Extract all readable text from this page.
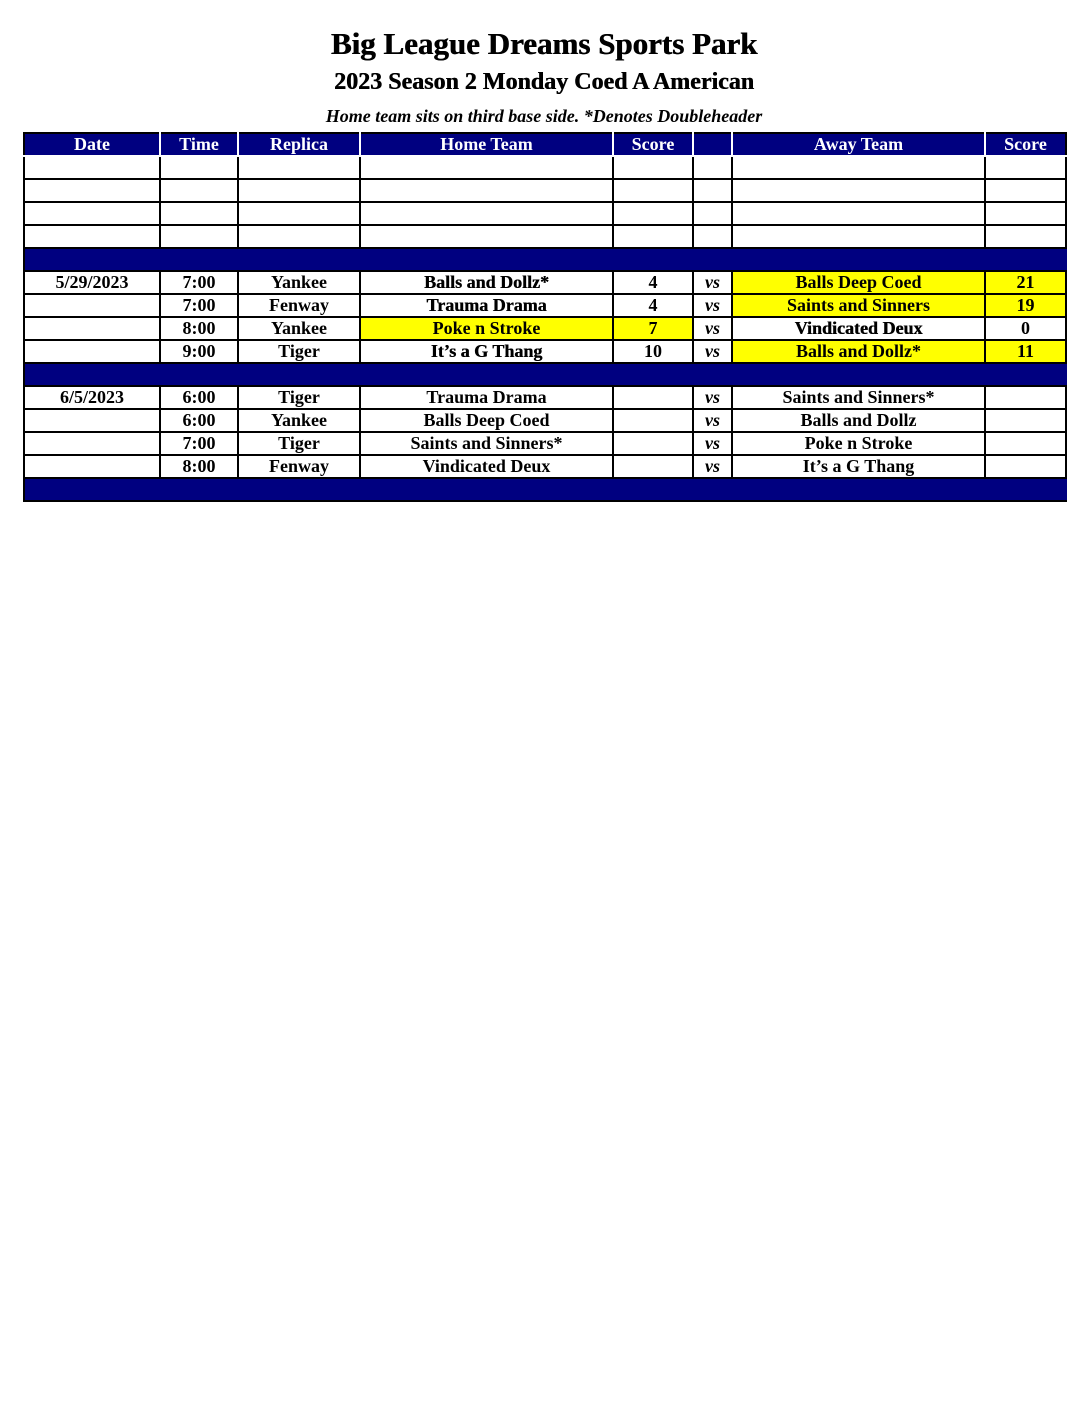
Big League Dreams Sports Park
2023 Season 2 Monday Coed A American
Home team sits on third base side. *Denotes Doubleheader
Date	Time	Replica	Home Team	Score		Away Team	Score

5/29/2023	7:00	Yankee	Balls and Dollz*	4	vs	Balls Deep Coed	21
	7:00	Fenway	Trauma Drama	4	vs	Saints and Sinners	19
	8:00	Yankee	Poke n Stroke	7	vs	Vindicated Deux	0
	9:00	Tiger	It’s a G Thang	10	vs	Balls and Dollz*	11

6/5/2023	6:00	Tiger	Trauma Drama		vs	Saints and Sinners*	
	6:00	Yankee	Balls Deep Coed		vs	Balls and Dollz	
	7:00	Tiger	Saints and Sinners*		vs	Poke n Stroke	
	8:00	Fenway	Vindicated Deux		vs	It’s a G Thang	
